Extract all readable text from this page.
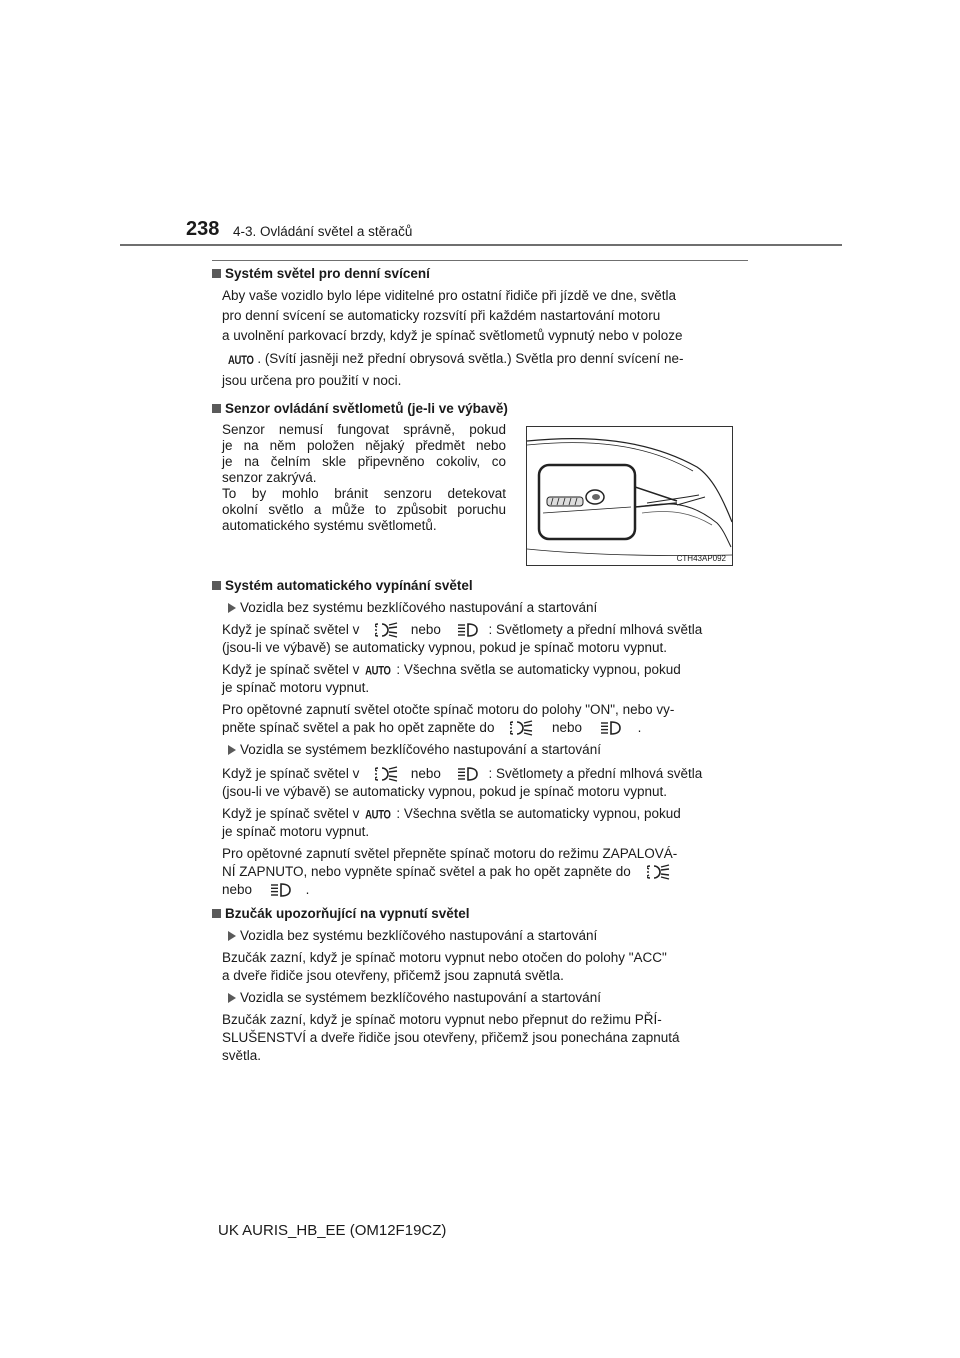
238 4-3. Ovládání světel a stěračů
Systém světel pro denní svícení
Aby vaše vozidlo bylo lépe viditelné pro ostatní řidiče při jízdě ve dne, světla
pro denní svícení se automaticky rozsvítí při každém nastartování motoru
a uvolnění parkovací brzdy, když je spínač světlometů vypnutý nebo v poloze
AUTO . (Svítí jasněji než přední obrysová světla.) Světla pro denní svícení ne-
jsou určena pro použití v noci.
Senzor ovládání světlometů (je-li ve výbavě)
Senzor nemusí fungovat správně, pokud
je na něm položen nějaký předmět nebo
je na čelním skle připevněno cokoliv, co
senzor zakrývá.
To by mohlo bránit senzoru detekovat
okolní světlo a může to způsobit poruchu
automatického systému světlometů.
CTH43AP092
Systém automatického vypínání světel
Vozidla bez systému bezklíčového nastupování a startování
Když je spínač světel v	nebo	: Světlomety a přední mlhová světla
(jsou-li ve výbavě) se automaticky vypnou, pokud je spínač motoru vypnut.
Když je spínač světel v AUTO : Všechna světla se automaticky vypnou, pokud
je spínač motoru vypnut.
Pro opětovné zapnutí světel otočte spínač motoru do polohy "ON", nebo vy-
pněte spínač světel a pak ho opět zapněte do	nebo	.
Vozidla se systémem bezklíčového nastupování a startování
Když je spínač světel v	nebo	: Světlomety a přední mlhová světla
(jsou-li ve výbavě) se automaticky vypnou, pokud je spínač motoru vypnut.
Když je spínač světel v AUTO : Všechna světla se automaticky vypnou, pokud
je spínač motoru vypnut.
Pro opětovné zapnutí světel přepněte spínač motoru do režimu ZAPALOVÁ-
NÍ ZAPNUTO, nebo vypněte spínač světel a pak ho opět zapněte do
nebo	.
Bzučák upozorňující na vypnutí světel
Vozidla bez systému bezklíčového nastupování a startování
Bzučák zazní, když je spínač motoru vypnut nebo otočen do polohy "ACC"
a dveře řidiče jsou otevřeny, přičemž jsou zapnutá světla.
Vozidla se systémem bezklíčového nastupování a startování
Bzučák zazní, když je spínač motoru vypnut nebo přepnut do režimu PŘÍ-
SLUŠENSTVÍ a dveře řidiče jsou otevřeny, přičemž jsou ponechána zapnutá
světla.
UK AURIS_HB_EE (OM12F19CZ)
